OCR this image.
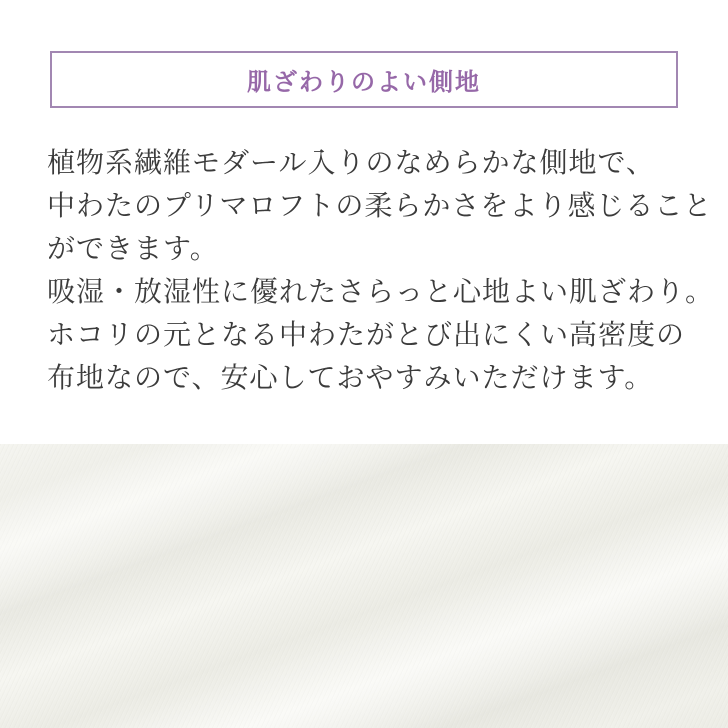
肌ざわりのよい側地

植物系繊維モダール入りのなめらかな側地で、

中わたのプリマロフトの柔らかさをより感じること

ができます。

吸湿・放湿性に優れたさらっと心地よい肌ざわり。

ホコリの元となる中わたがとび出にくい高密度の

布地なので、安心しておやすみいただけます。
